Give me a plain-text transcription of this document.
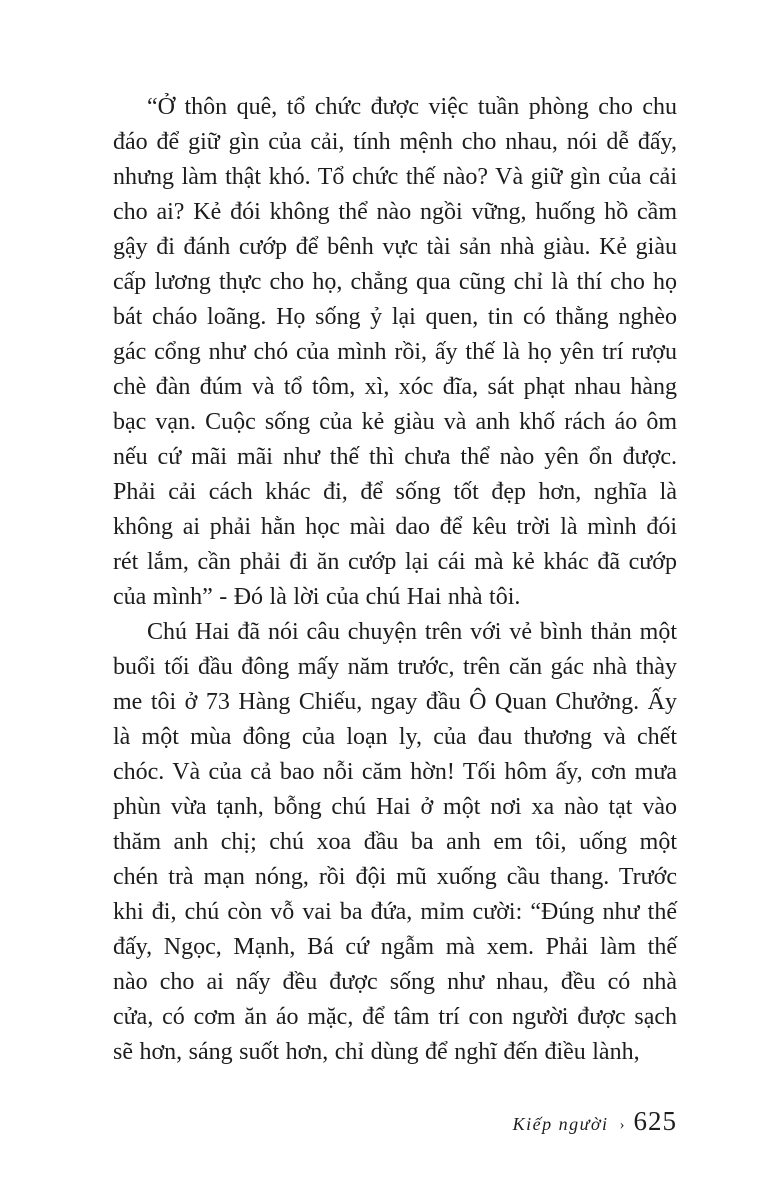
“Ở thôn quê, tổ chức được việc tuần phòng cho chu
đáo để giữ gìn của cải, tính mệnh cho nhau, nói dễ đấy,
nhưng làm thật khó. Tổ chức thế nào? Và giữ gìn của cải
cho ai? Kẻ đói không thể nào ngồi vững, huống hồ cầm
gậy đi đánh cướp để bênh vực tài sản nhà giàu. Kẻ giàu
cấp lương thực cho họ, chẳng qua cũng chỉ là thí cho họ
bát cháo loãng. Họ sống ỷ lại quen, tin có thằng nghèo
gác cổng như chó của mình rồi, ấy thế là họ yên trí rượu
chè đàn đúm và tổ tôm, xì, xóc đĩa, sát phạt nhau hàng
bạc vạn. Cuộc sống của kẻ giàu và anh khố rách áo ôm
nếu cứ mãi mãi như thế thì chưa thể nào yên ổn được.
Phải cải cách khác đi, để sống tốt đẹp hơn, nghĩa là
không ai phải hằn học mài dao để kêu trời là mình đói
rét lắm, cần phải đi ăn cướp lại cái mà kẻ khác đã cướp
của mình” - Đó là lời của chú Hai nhà tôi.
Chú Hai đã nói câu chuyện trên với vẻ bình thản một
buổi tối đầu đông mấy năm trước, trên căn gác nhà thày
me tôi ở 73 Hàng Chiếu, ngay đầu Ô Quan Chưởng. Ấy
là một mùa đông của loạn ly, của đau thương và chết
chóc. Và của cả bao nỗi căm hờn! Tối hôm ấy, cơn mưa
phùn vừa tạnh, bỗng chú Hai ở một nơi xa nào tạt vào
thăm anh chị; chú xoa đầu ba anh em tôi, uống một
chén trà mạn nóng, rồi đội mũ xuống cầu thang. Trước
khi đi, chú còn vỗ vai ba đứa, mỉm cười: “Đúng như thế
đấy, Ngọc, Mạnh, Bá cứ ngẫm mà xem. Phải làm thế
nào cho ai nấy đều được sống như nhau, đều có nhà
cửa, có cơm ăn áo mặc, để tâm trí con người được sạch
sẽ hơn, sáng suốt hơn, chỉ dùng để nghĩ đến điều lành,
Kiếp người › 625
